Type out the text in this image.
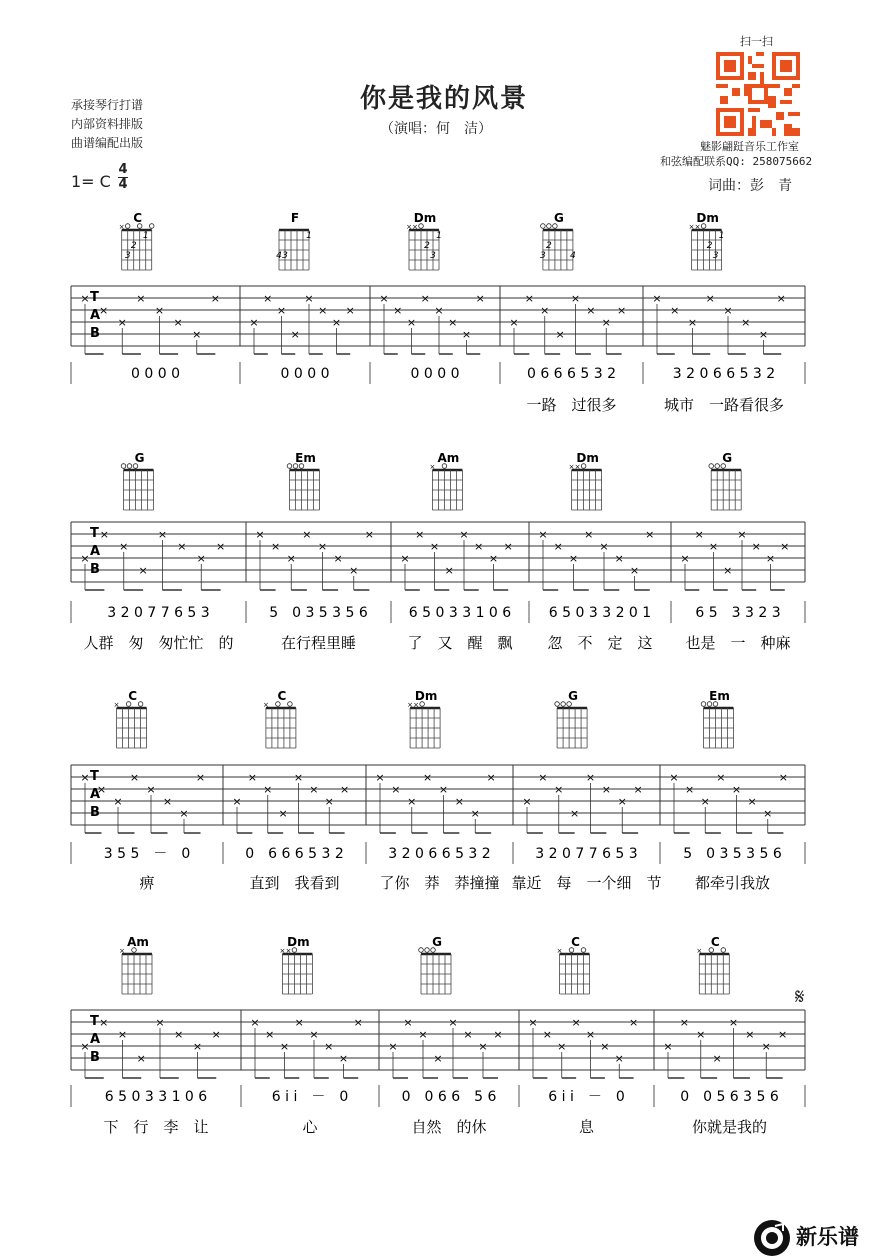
你是我的风景
（演唱：何　洁）
承接琴行打谱
内部资料排版
曲谱编配出版
1= C
4
4
扫一扫
魅影翩跹音乐工作室
和弦编配联系QQ: 258075662
词曲：彭　青
T
A
B
C
×
1
2
3
×
×
×
×
×
×
×
×
0 0 0 0
F
1
3
4
×
×
×
×
×
×
×
×
0 0 0 0
Dm
× ×
1
2
3
×
×
×
×
×
×
×
×
0 0 0 0
G
2
3	4
×
×
×
×
×
×
×
×
0 6 6 6 5 3 2
一路　过很多
Dm
× ×
1
2
3
×
×
×
×
×
×
×
×
3 2 0 6 6 5 3 2
城市　一路看很多
T
A
B
G
×
×
×
×
×
×
×
×
3 2 0 7 7 6 5 3
人群　匆　匆忙忙　的
Em
×
×
×
×
×
×
×
×
5　0 3 5 3 5 6
在行程里睡
Am
×
×
×
×
×
×
×
×
×
6 5 0 3 3 1 0 6
了　又　醒　飘
Dm
× ×
×
×
×
×
×
×
×
×
6 5 0 3 3 2 0 1
忽　不　定　这
G
×
×
×
×
×
×
×
×
6 5　3 3 2 3
也是　一　种麻
T
A
B
C
×
×
×
×
×
×
×
×
×
3 5 5　－　0
痹
C
×
×
×
×
×
×
×
×
×
0　6 6 6 5 3 2
直到　我看到
Dm
× ×
×
×
×
×
×
×
×
×
3 2 0 6 6 5 3 2
了你　莽　莽撞撞
G
×
×
×
×
×
×
×
×
3 2 0 7 7 6 5 3
靠近　每　一个细　节
Em
×
×
×
×
×
×
×
×
5　0 3 5 3 5 6
都牵引我放
T
A
B
Am
×
×
×
×
×
×
×
×
×
6 5 0 3 3 1 0 6
下　行　李　让
Dm
× ×
×
×
×
×
×
×
×
×
6 i i　－　0
心
G
×
×
×
×
×
×
×
×
0　0 6 6　5 6
自然　的休
C
×
×
×
×
×
×
×
×
×
6 i i　－　0
息
C
×
×
×
×
×
×
×
×
×
0　0 5 6 3 5 6
你就是我的
𝄋
新乐谱
